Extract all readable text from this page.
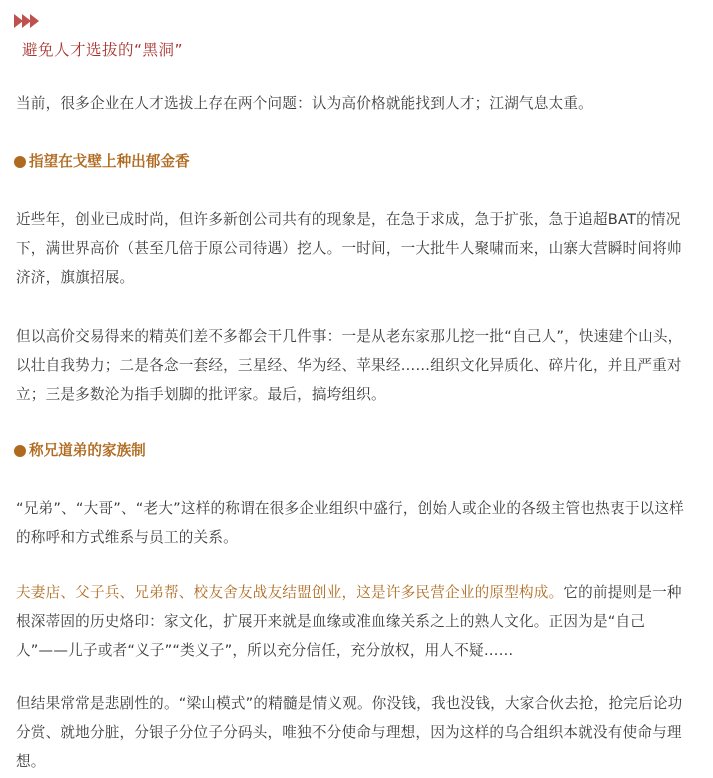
避免人才选拔的“黑洞”

当前，很多企业在人才选拔上存在两个问题：认为高价格就能找到人才；江湖气息太重。

指望在戈壁上种出郁金香

近些年，创业已成时尚，但许多新创公司共有的现象是，在急于求成，急于扩张，急于追超BAT的情况下，满世界高价（甚至几倍于原公司待遇）挖人。一时间，一大批牛人聚啸而来，山寨大营瞬时间将帅济济，旗旗招展。

但以高价交易得来的精英们差不多都会干几件事：一是从老东家那儿挖一批“自己人”，快速建个山头，以壮自我势力；二是各念一套经，三星经、华为经、苹果经……组织文化异质化、碎片化，并且严重对立；三是多数沦为指手划脚的批评家。最后，搞垮组织。

称兄道弟的家族制

“兄弟”、“大哥”、“老大”这样的称谓在很多企业组织中盛行，创始人或企业的各级主管也热衷于以这样的称呼和方式维系与员工的关系。

夫妻店、父子兵、兄弟帮、校友舍友战友结盟创业，这是许多民营企业的原型构成。它的前提则是一种根深蒂固的历史烙印：家文化，扩展开来就是血缘或准血缘关系之上的熟人文化。正因为是“自己人”——儿子或者“义子”“类义子”，所以充分信任，充分放权，用人不疑……

但结果常常是悲剧性的。“梁山模式”的精髓是情义观。你没钱，我也没钱，大家合伙去抢，抢完后论功分赏、就地分脏，分银子分位子分码头，唯独不分使命与理想，因为这样的乌合组织本就没有使命与理想。
